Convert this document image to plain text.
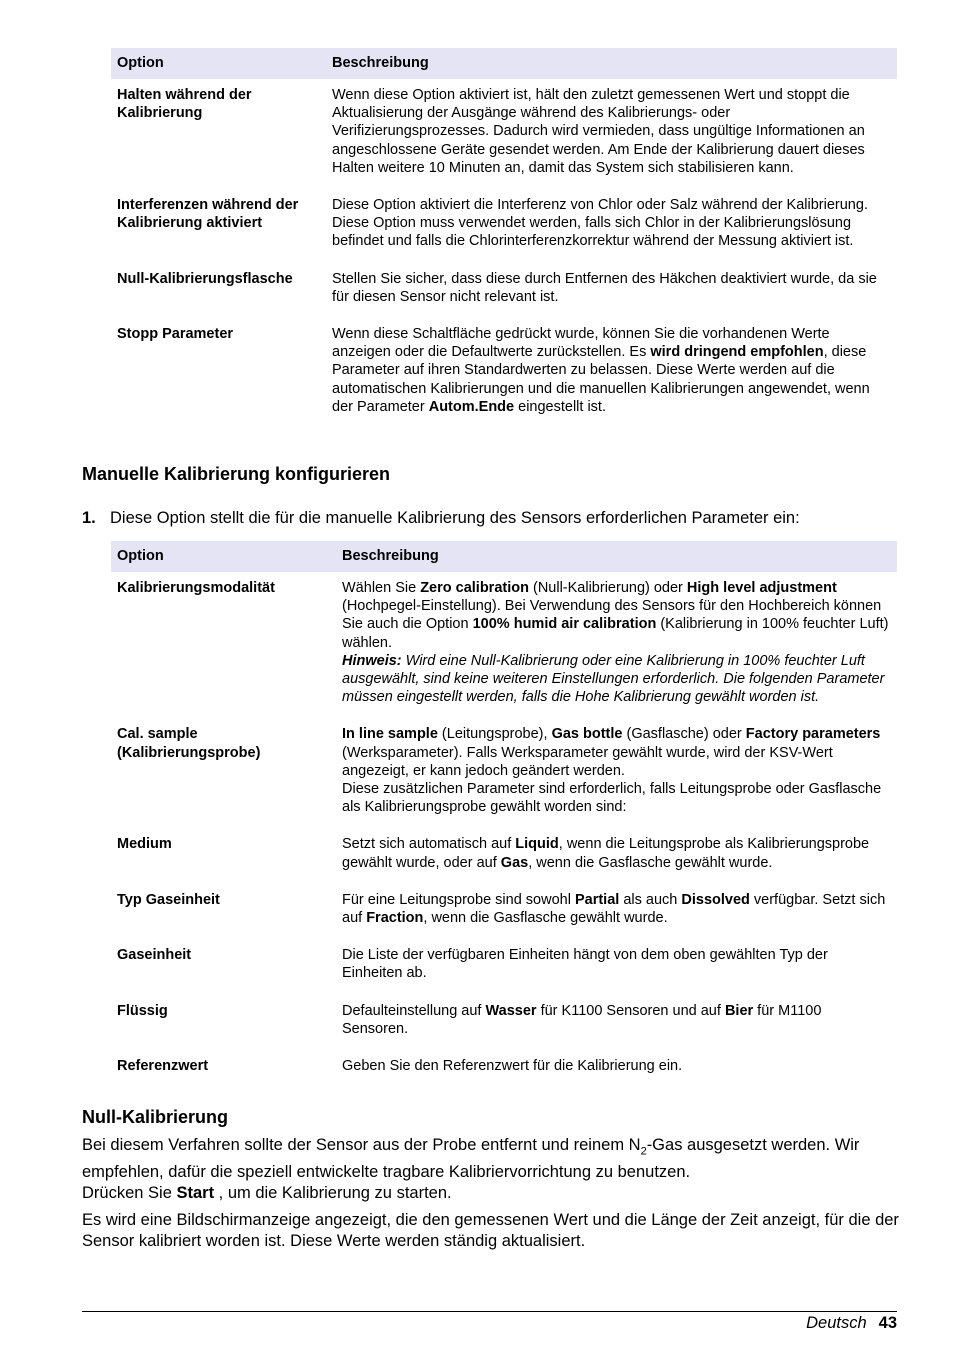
Option	Beschreibung
Halten während der Kalibrierung	Wenn diese Option aktiviert ist, hält den zuletzt gemessenen Wert und stoppt die Aktualisierung der Ausgänge während des Kalibrierungs- oder Verifizierungsprozesses. Dadurch wird vermieden, dass ungültige Informationen an angeschlossene Geräte gesendet werden. Am Ende der Kalibrierung dauert dieses Halten weitere 10 Minuten an, damit das System sich stabilisieren kann.
Interferenzen während der Kalibrierung aktiviert	Diese Option aktiviert die Interferenz von Chlor oder Salz während der Kalibrierung. Diese Option muss verwendet werden, falls sich Chlor in der Kalibrierungslösung befindet und falls die Chlorinterferenzkorrektur während der Messung aktiviert ist.
Null-Kalibrierungsflasche	Stellen Sie sicher, dass diese durch Entfernen des Häkchen deaktiviert wurde, da sie für diesen Sensor nicht relevant ist.
Stopp Parameter	Wenn diese Schaltfläche gedrückt wurde, können Sie die vorhandenen Werte anzeigen oder die Defaultwerte zurückstellen. Es wird dringend empfohlen, diese Parameter auf ihren Standardwerten zu belassen. Diese Werte werden auf die automatischen Kalibrierungen und die manuellen Kalibrierungen angewendet, wenn der Parameter Autom.Ende eingestellt ist.
Manuelle Kalibrierung konfigurieren

1. Diese Option stellt die für die manuelle Kalibrierung des Sensors erforderlichen Parameter ein:

Option	Beschreibung
Kalibrierungsmodalität	Wählen Sie Zero calibration (Null-Kalibrierung) oder High level adjustment (Hochpegel-Einstellung). Bei Verwendung des Sensors für den Hochbereich können Sie auch die Option 100% humid air calibration (Kalibrierung in 100% feuchter Luft) wählen.
Hinweis: Wird eine Null-Kalibrierung oder eine Kalibrierung in 100% feuchter Luft ausgewählt, sind keine weiteren Einstellungen erforderlich. Die folgenden Parameter müssen eingestellt werden, falls die Hohe Kalibrierung gewählt worden ist.
Cal. sample (Kalibrierungsprobe)	In line sample (Leitungsprobe), Gas bottle (Gasflasche) oder Factory parameters (Werksparameter). Falls Werksparameter gewählt wurde, wird der KSV-Wert angezeigt, er kann jedoch geändert werden.
Diese zusätzlichen Parameter sind erforderlich, falls Leitungsprobe oder Gasflasche als Kalibrierungsprobe gewählt worden sind:
Medium	Setzt sich automatisch auf Liquid, wenn die Leitungsprobe als Kalibrierungsprobe gewählt wurde, oder auf Gas, wenn die Gasflasche gewählt wurde.
Typ Gaseinheit	Für eine Leitungsprobe sind sowohl Partial als auch Dissolved verfügbar. Setzt sich auf Fraction, wenn die Gasflasche gewählt wurde.
Gaseinheit	Die Liste der verfügbaren Einheiten hängt von dem oben gewählten Typ der Einheiten ab.
Flüssig	Defaulteinstellung auf Wasser für K1100 Sensoren und auf Bier für M1100 Sensoren.
Referenzwert	Geben Sie den Referenzwert für die Kalibrierung ein.
Null-Kalibrierung

Bei diesem Verfahren sollte der Sensor aus der Probe entfernt und reinem $N_2$-Gas ausgesetzt werden. Wir empfehlen, dafür die speziell entwickelte tragbare Kalibriervorrichtung zu benutzen.

Drücken Sie Start , um die Kalibrierung zu starten.

Es wird eine Bildschirmanzeige angezeigt, die den gemessenen Wert und die Länge der Zeit anzeigt, für die der Sensor kalibriert worden ist. Diese Werte werden ständig aktualisiert.

Deutsch 43
